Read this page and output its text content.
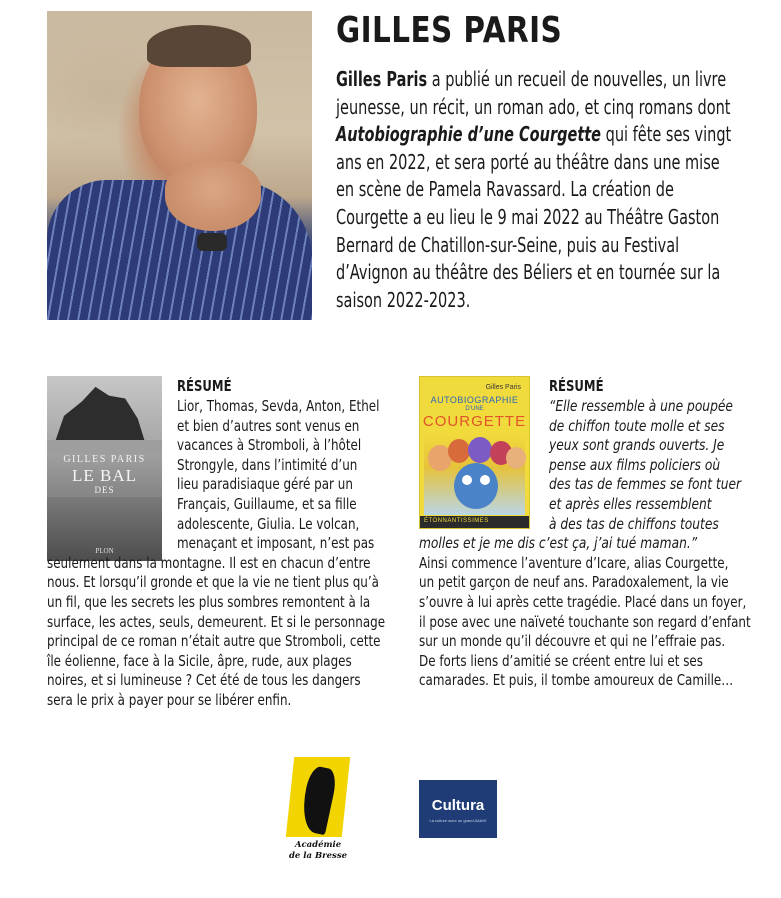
GILLES PARIS
Gilles Paris a publié un recueil de nouvelles, un livre jeunesse, un récit, un roman ado, et cinq romans dont Autobiographie d’une Courgette qui fête ses vingt ans en 2022, et sera porté au théâtre dans une mise en scène de Pamela Ravassard. La création de Courgette a eu lieu le 9 mai 2022 au Théâtre Gaston Bernard de Chatillon-sur-Seine, puis au Festival d’Avignon au théâtre des Béliers et en tournée sur la saison 2022-2023.
GILLES PARIS
LE BAL
DES
PLON
RÉSUMÉ
Lior, Thomas, Sevda, Anton, Ethel
et bien d’autres sont venus en
vacances à Stromboli, à l’hôtel
Strongyle, dans l’intimité d’un
lieu paradisiaque géré par un
Français, Guillaume, et sa fille
adolescente, Giulia. Le volcan,
menaçant et imposant, n’est pas
seulement dans la montagne. Il est en chacun d’entre
nous. Et lorsqu’il gronde et que la vie ne tient plus qu’à
un fil, que les secrets les plus sombres remontent à la
surface, les actes, seuls, demeurent. Et si le personnage
principal de ce roman n’était autre que Stromboli, cette
île éolienne, face à la Sicile, âpre, rude, aux plages
noires, et si lumineuse ? Cet été de tous les dangers
sera le prix à payer pour se libérer enfin.
Gilles Paris
AUTOBIOGRAPHIE
D’UNE
COURGETTE
ÉTONNANTISSIMES
RÉSUMÉ
“Elle ressemble à une poupée
de chiffon toute molle et ses
yeux sont grands ouverts. Je
pense aux films policiers où
des tas de femmes se font tuer
et après elles ressemblent
à des tas de chiffons toutes
molles et je me dis c’est ça, j’ai tué maman.”
Ainsi commence l’aventure d’Icare, alias Courgette,
un petit garçon de neuf ans. Paradoxalement, la vie
s’ouvre à lui après cette tragédie. Placé dans un foyer,
il pose avec une naïveté touchante son regard d’enfant
sur un monde qu’il découvre et qui ne l’effraie pas.
De forts liens d’amitié se créent entre lui et ses
camarades. Et puis, il tombe amoureux de Camille…
Académie
de la Bresse
Cultura
La culture avec un grand AAAH!
